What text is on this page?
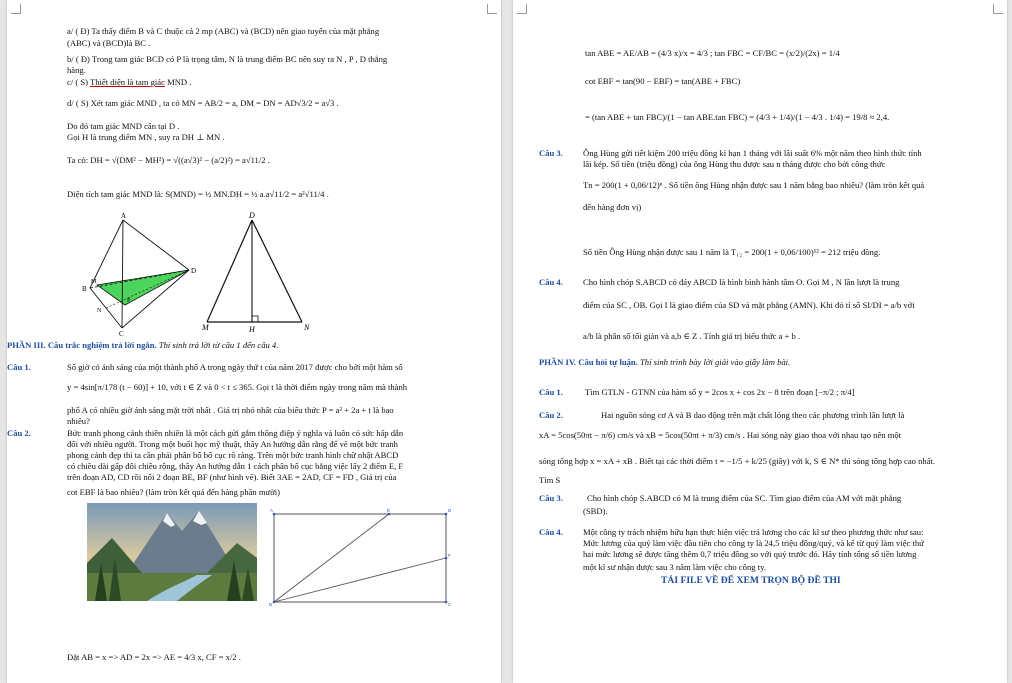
a/ ( Đ) Ta thấy điểm B và C thuộc cả 2 mp (ABC) và (BCD) nên giao tuyến của mặt phẳng
(ABC) và (BCD)là BC .
b/ ( Đ) Trong tam giác BCD có P là trọng tâm, N là trung điểm BC nên suy ra N , P , D thẳng
hàng.
c/ ( S) Thiết diện là tam giác MND .
d/ ( S) Xét tam giác MND , ta có MN = AB/2 = a, DM = DN = AD√3/2 = a√3 .
Do đó tam giác MND cân tại D .
Gọi H là trung điểm MN , suy ra DH ⊥ MN .
Ta có: DH = √(DM² − MH²) = √((a√3)² − (a/2)²) = a√11/2 .
Diện tích tam giác MND là: S(MND) = ½ MN.DH = ½ a.a√11/2 = a²√11/4 .
A
B
C
D
M
N
P
D
M	H	N
PHẦN III. Câu trắc nghiệm trả lời ngắn. Thí sinh trả lời từ câu 1 đến câu 4.
Câu 1.	Số giờ có ánh sáng của một thành phố A trong ngày thứ t của năm 2017 được cho bởi một hàm số
y = 4sin[π/178 (t − 60)] + 10, với t ∈ Z và 0 < t ≤ 365. Gọi t là thời điểm ngày trong năm mà thành
phố A có nhiều giờ ánh sáng mặt trời nhất . Giá trị nhỏ nhất của biểu thức P = a² + 2a + t là bao
nhiêu?
Câu 2.	Bức tranh phong cảnh thiên nhiên là một cách gửi gắm thông điệp ý nghĩa và luôn có sức hấp dẫn
đối với nhiều người. Trong một buổi học mỹ thuật, thầy An hướng dẫn rằng để vẽ một bức tranh
phong cảnh đẹp thì ta cần phải phân bố bố cục rõ ràng. Trên một bức tranh hình chữ nhật ABCD
có chiều dài gấp đôi chiều rộng, thầy An hướng dẫn 1 cách phân bố cục bằng việc lấy 2 điểm E, F
trên đoạn AD, CD rồi nối 2 đoạn BE, BF (như hình vẽ). Biết 3AE = 2AD, CF = FD , Giá trị của
cot EBF là bao nhiêu? (làm tròn kết quả đến hàng phần mười)
A	E	D
F
B	C
Đặt AB = x => AD = 2x => AE = 4/3 x, CF = x/2 .
tan ABE = AE/AB = (4/3 x)/x = 4/3 ; tan FBC = CF/BC = (x/2)/(2x) = 1/4
cot EBF = tan(90 − EBF) = tan(ABE + FBC)
= (tan ABE + tan FBC)/(1 − tan ABE.tan FBC) = (4/3 + 1/4)/(1 − 4/3 . 1/4) = 19/8 ≈ 2,4.
Câu 3. Ông Hùng gửi tiết kiệm 200 triệu đồng kì hạn 1 tháng với lãi suất 6% một năm theo hình thức tính
lãi kép. Số tiền (triệu đồng) của ông Hùng thu được sau n tháng được cho bởi công thức
Tn = 200(1 + 0,06/12)ⁿ . Số tiền ông Hùng nhận được sau 1 năm bằng bao nhiêu? (làm tròn kết quả
đến hàng đơn vị)
Số tiền Ông Hùng nhận được sau 1 năm là T₁₂ = 200(1 + 0,06/100)¹² = 212 triệu đồng.
Câu 4. Cho hình chóp S.ABCD có đáy ABCD là hình bình hành tâm O. Gọi M , N lần lượt là trung
điểm của SC , OB. Gọi I là giao điểm của SD và mặt phẳng (AMN). Khi đó tỉ số SI/DI = a/b với
a/b là phân số tối giản và a,b ∈ Z . Tính giá trị biểu thức a + b .
PHẦN IV. Câu hỏi tự luận. Thí sinh trình bày lời giải vào giấy làm bài.
Câu 1.	Tìm GTLN - GTNN của hàm số y = 2cos x + cos 2x − 8 trên đoạn [−π/2 ; π/4]
Câu 2.	Hai nguồn sóng cơ A và B dao động trên mặt chất lỏng theo các phương trình lần lượt là
xA = 5cos(50πt − π/6) cm/s và xB = 5cos(50πt + π/3) cm/s . Hai sóng này giao thoa với nhau tạo nên một
sóng tổng hợp x = xA + xB . Biết tại các thời điểm t = −1/5 + k/25 (giây) với k, S ∈ N* thì sóng tổng hợp cao nhất.
Tìm S
Câu 3.	Cho hình chóp S.ABCD có M là trung điểm của SC. Tìm giao điểm của AM với mặt phẳng
(SBD).
Câu 4. Một công ty trách nhiệm hữu hạn thực hiện việc trả lương cho các kĩ sư theo phương thức như sau:
Mức lương của quý làm việc đầu tiên cho công ty là 24,5 triệu đồng/quý, và kể từ quý làm việc thứ
hai mức lương sẽ được tăng thêm 0,7 triệu đồng so với quý trước đó. Hãy tính tổng số tiền lương
một kĩ sư nhận được sau 3 năm làm việc cho công ty.
TẢI FILE VỀ ĐỂ XEM TRỌN BỘ ĐỀ THI
